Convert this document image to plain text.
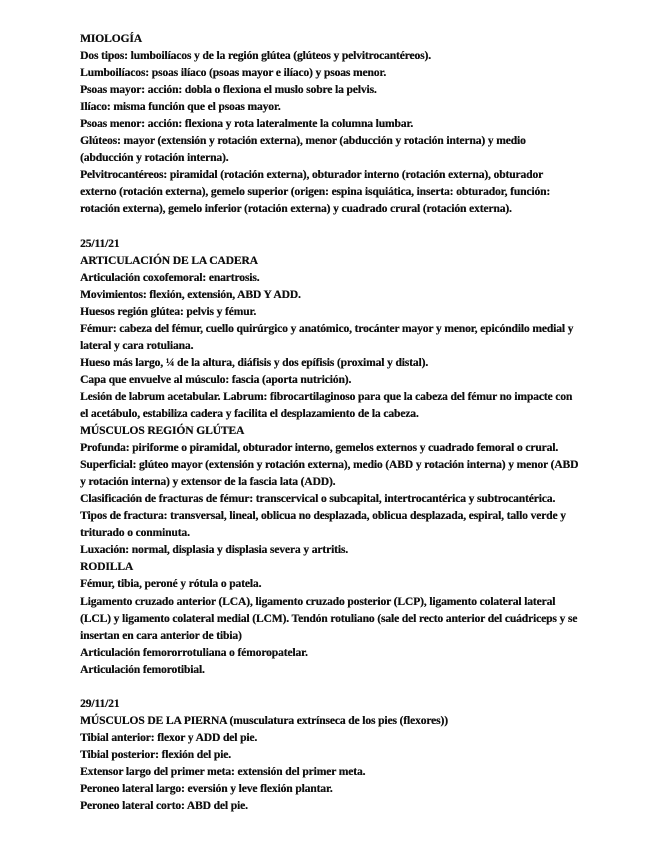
MIOLOGÍA
Dos tipos: lumboilíacos y de la región glútea (glúteos y pelvitrocantéreos).
Lumboilíacos: psoas ilíaco (psoas mayor e ilíaco) y psoas menor.
Psoas mayor: acción: dobla o flexiona el muslo sobre la pelvis.
Ilíaco: misma función que el psoas mayor.
Psoas menor: acción: flexiona y rota lateralmente la columna lumbar.
Glúteos: mayor (extensión y rotación externa), menor (abducción y rotación interna) y medio (abducción y rotación interna).
Pelvitrocantéreos: piramidal (rotación externa), obturador interno (rotación externa), obturador externo (rotación externa), gemelo superior (origen: espina isquiática, inserta: obturador, función: rotación externa), gemelo inferior (rotación externa) y cuadrado crural (rotación externa).
25/11/21
ARTICULACIÓN DE LA CADERA
Articulación coxofemoral: enartrosis.
Movimientos: flexión, extensión, ABD Y ADD.
Huesos región glútea: pelvis y fémur.
Fémur: cabeza del fémur, cuello quirúrgico y anatómico, trocánter mayor y menor, epicóndilo medial y lateral y cara rotuliana.
Hueso más largo, ¼ de la altura, diáfisis y dos epífisis (proximal y distal).
Capa que envuelve al músculo: fascia (aporta nutrición).
Lesión de labrum acetabular. Labrum: fibrocartilaginoso para que la cabeza del fémur no impacte con el acetábulo, estabiliza cadera y facilita el desplazamiento de la cabeza.
MÚSCULOS REGIÓN GLÚTEA
Profunda: piriforme o piramidal, obturador interno, gemelos externos y cuadrado femoral o crural.
Superficial: glúteo mayor (extensión y rotación externa), medio (ABD y rotación interna) y menor (ABD y rotación interna) y extensor de la fascia lata (ADD).
Clasificación de fracturas de fémur: transcervical o subcapital, intertrocantérica y subtrocantérica.
Tipos de fractura: transversal, lineal, oblicua no desplazada, oblicua desplazada, espiral, tallo verde y triturado o conminuta.
Luxación: normal, displasia y displasia severa y artritis.
RODILLA
Fémur, tibia, peroné y rótula o patela.
Ligamento cruzado anterior (LCA), ligamento cruzado posterior (LCP), ligamento colateral lateral (LCL) y ligamento colateral medial (LCM). Tendón rotuliano (sale del recto anterior del cuádriceps y se insertan en cara anterior de tibia)
Articulación femororrotuliana o fémoropatelar.
Articulación femorotibial.
29/11/21
MÚSCULOS DE LA PIERNA (musculatura extrínseca de los pies (flexores))
Tibial anterior: flexor y ADD del pie.
Tibial posterior: flexión del pie.
Extensor largo del primer meta: extensión del primer meta.
Peroneo lateral largo: eversión y leve flexión plantar.
Peroneo lateral corto: ABD del pie.
